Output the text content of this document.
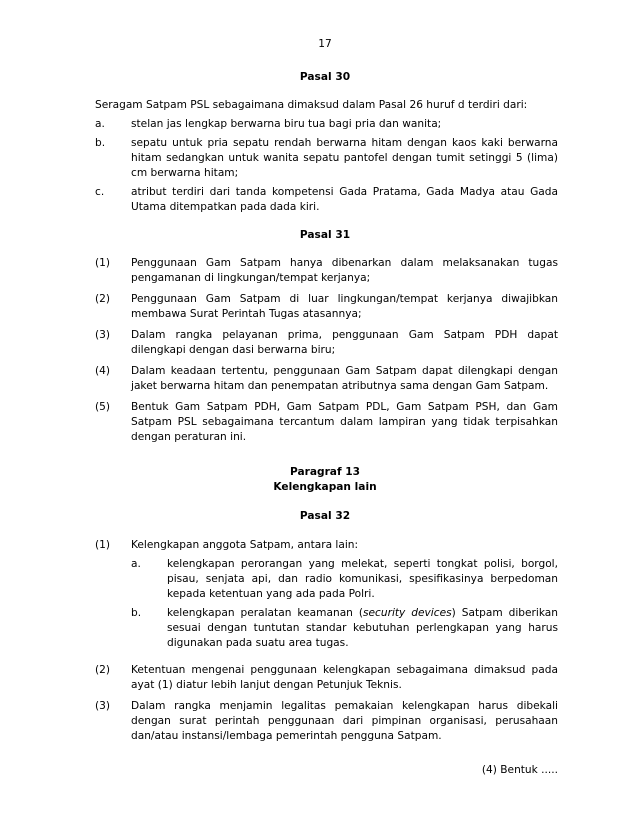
17
Pasal 30
Seragam Satpam PSL sebagaimana dimaksud dalam Pasal 26 huruf d terdiri dari:
a.	stelan jas lengkap berwarna biru tua bagi pria dan wanita;
b.	sepatu untuk pria sepatu rendah berwarna hitam dengan kaos kaki berwarna hitam sedangkan untuk wanita sepatu pantofel dengan tumit setinggi 5 (lima) cm berwarna hitam;
c.	atribut terdiri dari tanda kompetensi Gada Pratama, Gada Madya atau Gada Utama ditempatkan pada dada kiri.
Pasal 31
(1)	Penggunaan Gam Satpam hanya dibenarkan dalam melaksanakan tugas pengamanan di lingkungan/tempat kerjanya;
(2)	Penggunaan Gam Satpam di luar lingkungan/tempat kerjanya diwajibkan membawa Surat Perintah Tugas atasannya;
(3)	Dalam rangka pelayanan prima, penggunaan Gam Satpam PDH dapat dilengkapi dengan dasi berwarna biru;
(4)	Dalam keadaan tertentu, penggunaan Gam Satpam dapat dilengkapi dengan jaket berwarna hitam dan penempatan atributnya sama dengan Gam Satpam.
(5)	Bentuk Gam Satpam PDH, Gam Satpam PDL, Gam Satpam PSH, dan Gam Satpam PSL sebagaimana tercantum dalam lampiran yang tidak terpisahkan dengan peraturan ini.
Paragraf 13
Kelengkapan lain
Pasal 32
(1)	Kelengkapan anggota Satpam, antara lain:
a.	kelengkapan perorangan yang melekat, seperti tongkat polisi, borgol, pisau, senjata api, dan radio komunikasi, spesifikasinya berpedoman kepada ketentuan yang ada pada Polri.
b.	kelengkapan peralatan keamanan (security devices) Satpam diberikan sesuai dengan tuntutan standar kebutuhan perlengkapan yang harus digunakan pada suatu area tugas.
(2)	Ketentuan mengenai penggunaan kelengkapan sebagaimana dimaksud pada ayat (1) diatur lebih lanjut dengan Petunjuk Teknis.
(3)	Dalam rangka menjamin legalitas pemakaian kelengkapan harus dibekali dengan surat perintah penggunaan dari pimpinan organisasi, perusahaan dan/atau instansi/lembaga pemerintah pengguna Satpam.
(4) Bentuk .....
